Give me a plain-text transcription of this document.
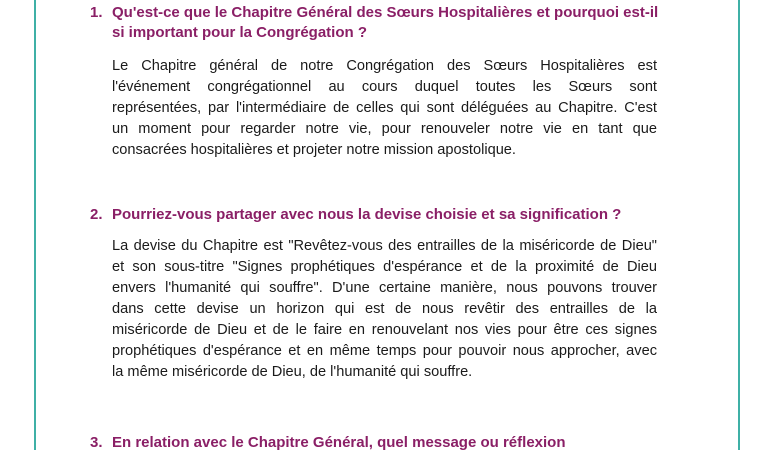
1. Qu'est-ce que le Chapitre Général des Sœurs Hospitalières et pourquoi est-il si important pour la Congrégation ?

Le Chapitre général de notre Congrégation des Sœurs Hospitalières est
l'événement congrégationnel au cours duquel toutes les Sœurs sont
représentées, par l'intermédiaire de celles qui sont déléguées au Chapitre. C'est
un moment pour regarder notre vie, pour renouveler notre vie en tant que
consacrées hospitalières et projeter notre mission apostolique.

2. Pourriez-vous partager avec nous la devise choisie et sa signification ?

La devise du Chapitre est "Revêtez-vous des entrailles de la miséricorde de Dieu"
et son sous-titre "Signes prophétiques d'espérance et de la proximité de Dieu
envers l'humanité qui souffre". D'une certaine manière, nous pouvons trouver
dans cette devise un horizon qui est de nous revêtir des entrailles de la
miséricorde de Dieu et de le faire en renouvelant nos vies pour être ces signes
prophétiques d'espérance et en même temps pour pouvoir nous approcher, avec
la même miséricorde de Dieu, de l'humanité qui souffre.

3. En relation avec le Chapitre Général, quel message ou réflexion
